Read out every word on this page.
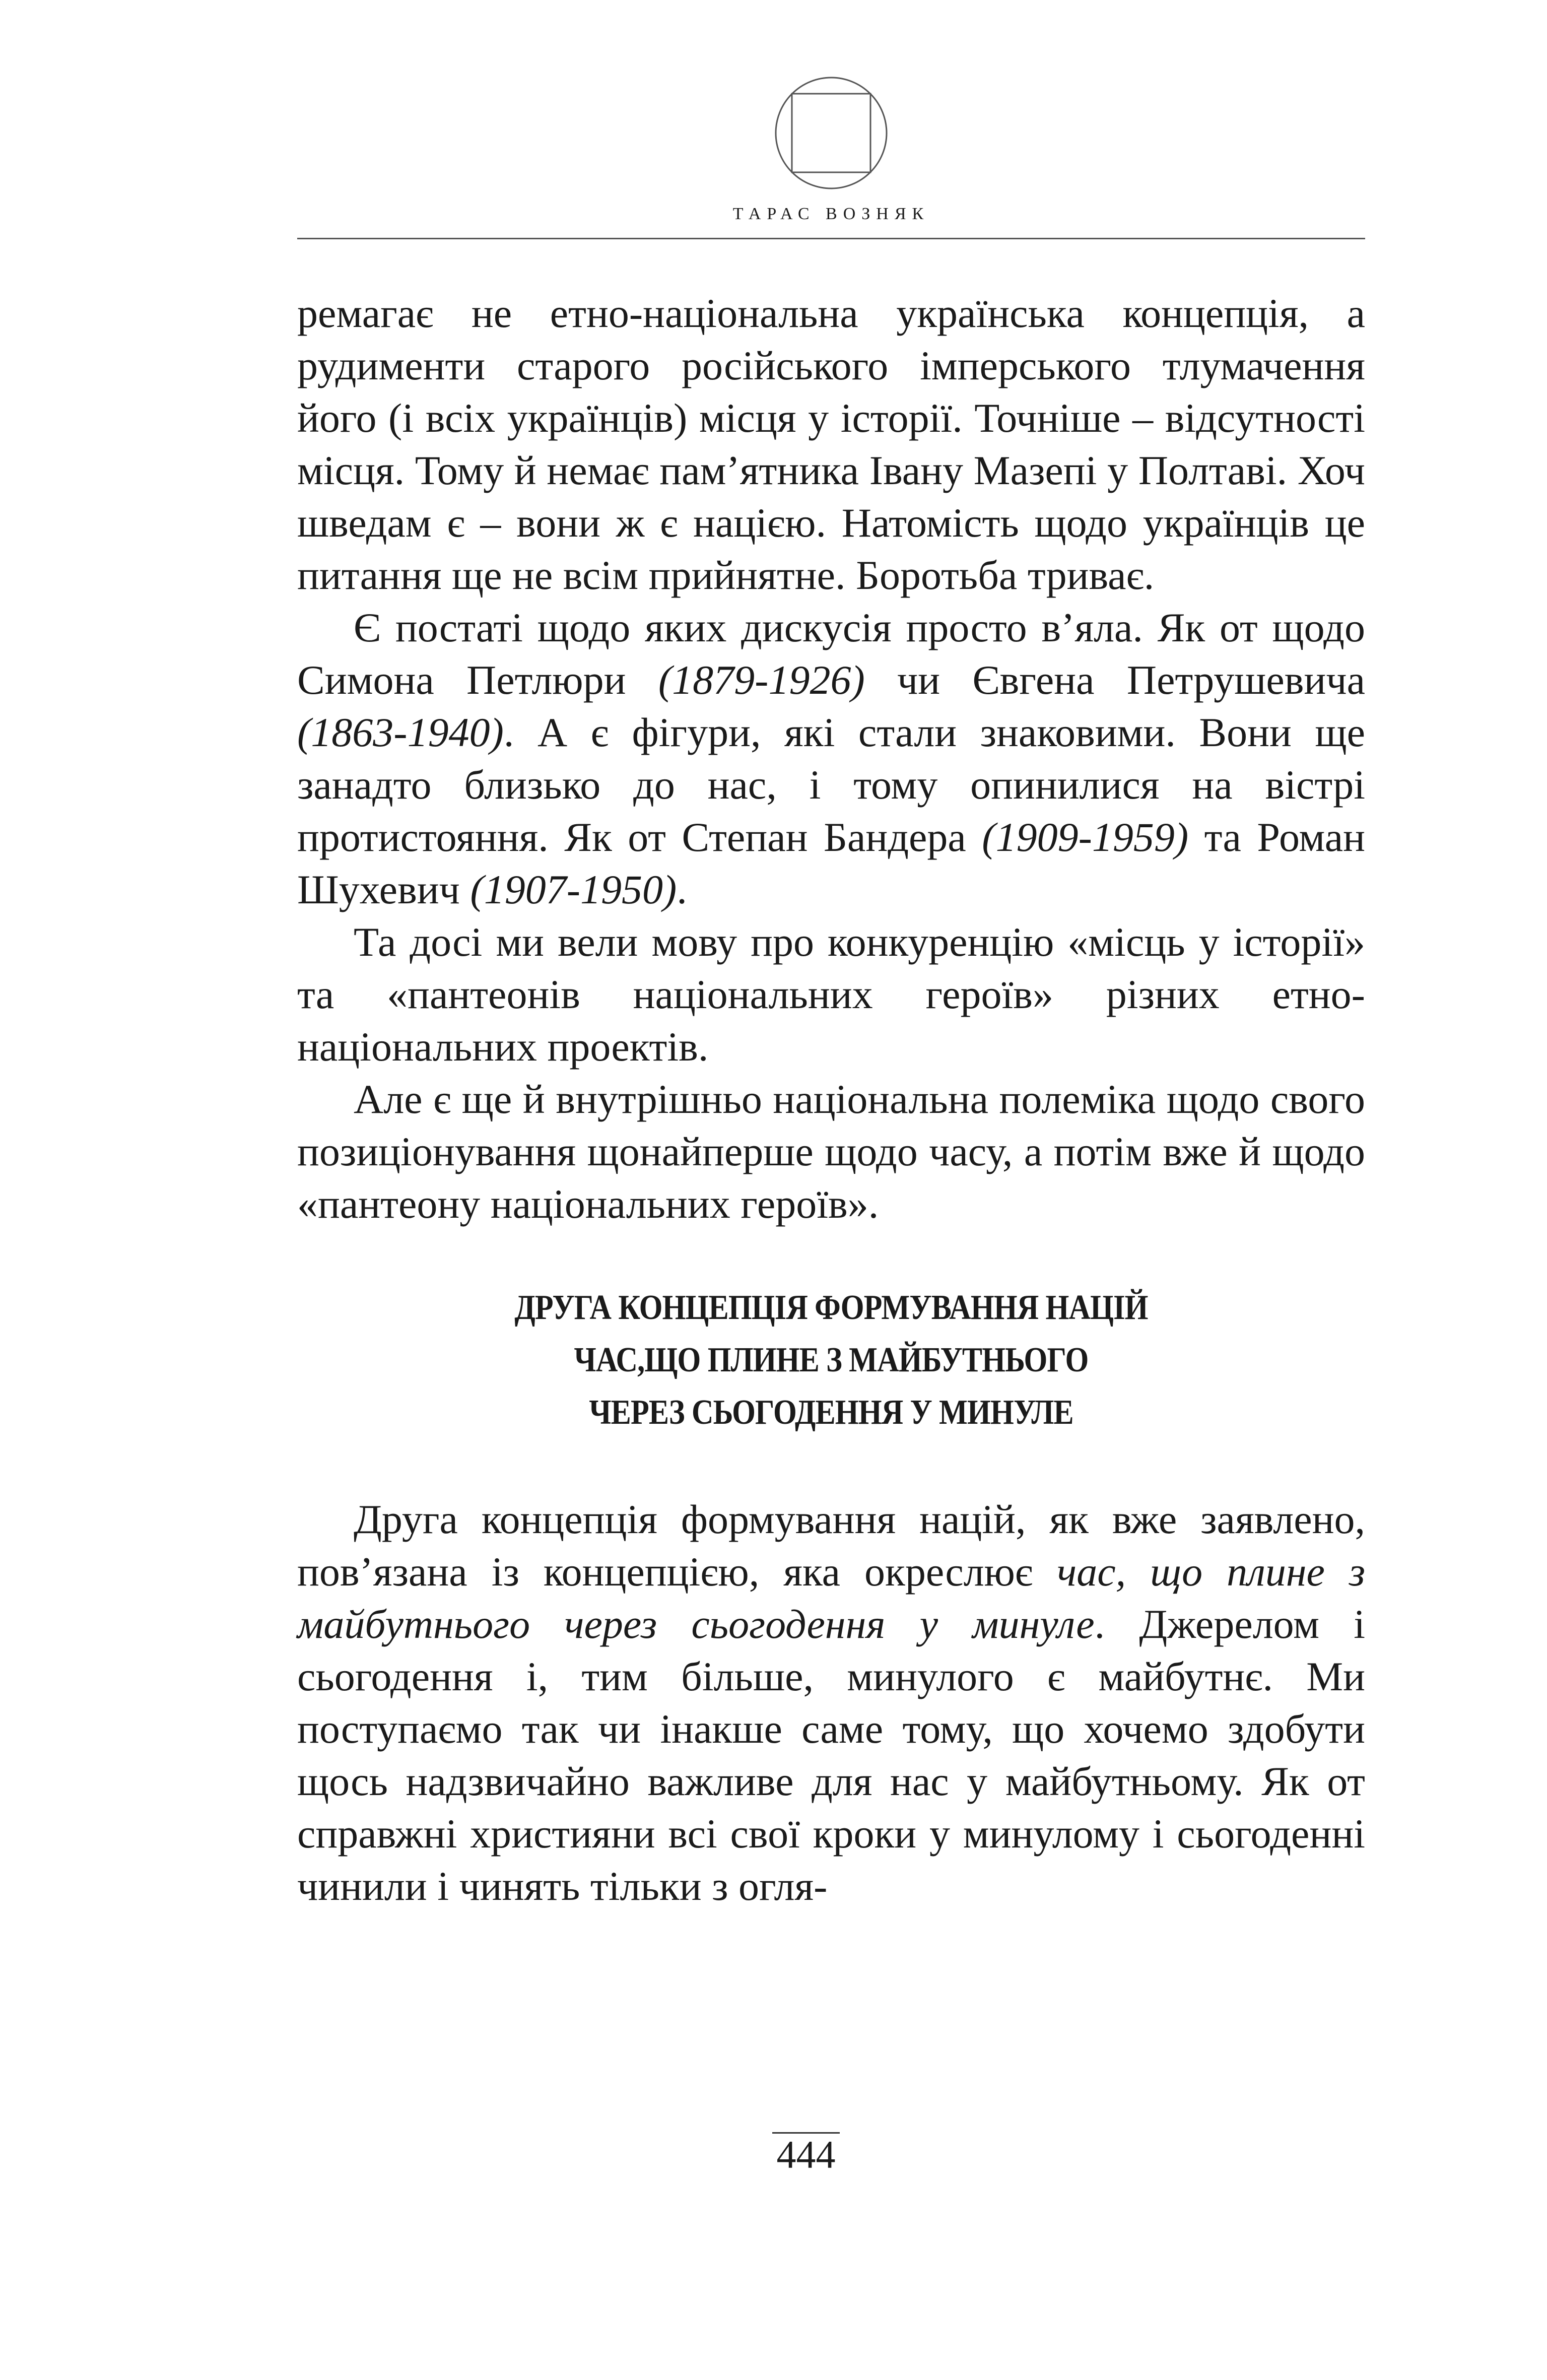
ТАРАС ВОЗНЯК

ремагає не етно-національна українська концепція, а рудименти старого російського імперського тлумачення його (і всіх українців) місця у історії. Точніше – відсутності місця. Тому й немає пам’ятника Івану Мазепі у Полтаві. Хоч шведам є – вони ж є нацією. Натомість щодо українців це питання ще не всім прийнятне. Боротьба триває.

Є постаті щодо яких дискусія просто в’яла. Як от щодо Симона Петлюри (1879-1926) чи Євгена Петрушевича (1863-1940). А є фігури, які стали знаковими. Вони ще занадто близько до нас, і тому опинилися на вістрі протистояння. Як от Степан Бандера (1909-1959) та Роман Шухевич (1907-1950).

Та досі ми вели мову про конкуренцію «місць у історії» та «пантеонів національних героїв» різних етно-національних проектів.

Але є ще й внутрішньо національна полеміка щодо свого позиціонування щонайперше щодо часу, а потім вже й щодо «пантеону національних героїв».

ДРУГА КОНЦЕПЦІЯ ФОРМУВАННЯ НАЦІЙ
ЧАС,ЩО ПЛИНЕ З МАЙБУТНЬОГО
ЧЕРЕЗ СЬОГОДЕННЯ У МИНУЛЕ

Друга концепція формування націй, як вже заявлено, пов’язана із концепцією, яка окреслює час, що плине з майбутнього через сьогодення у минуле. Джерелом і сьогодення і, тим більше, минулого є майбутнє. Ми поступаємо так чи інакше саме тому, що хочемо здобути щось надзвичайно важливе для нас у майбутньому. Як от справжні християни всі свої кроки у минулому і сьогоденні чинили і чинять тільки з огля-

444
